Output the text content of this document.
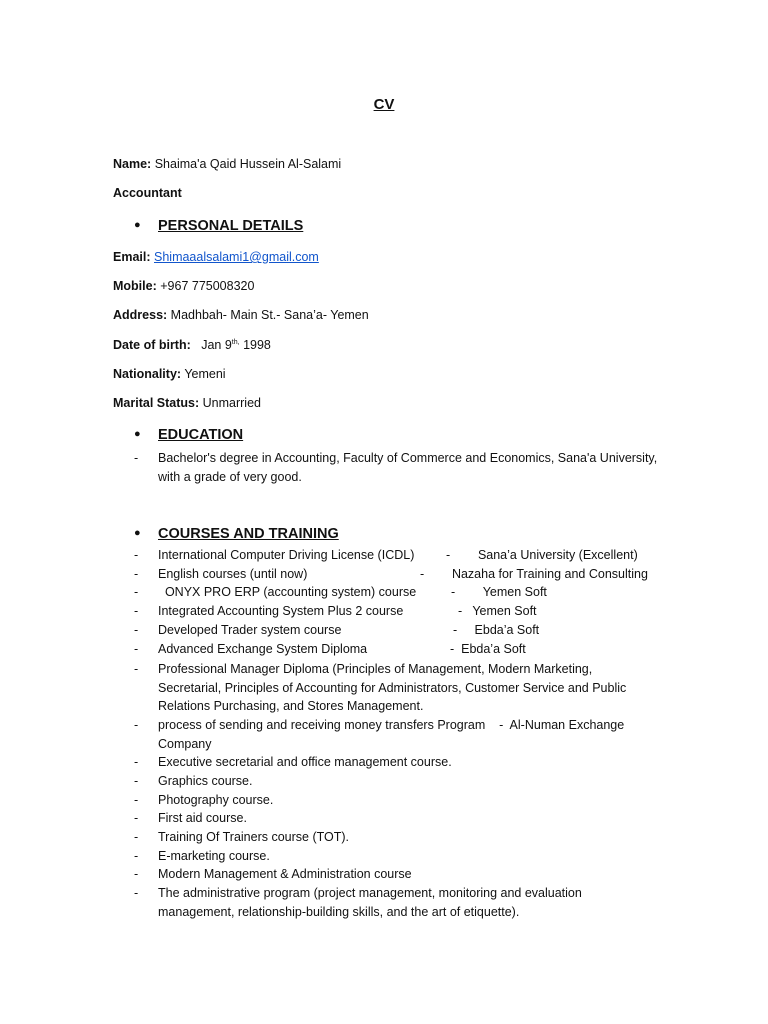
CV
Name: Shaima'a Qaid Hussein Al-Salami
Accountant
● PERSONAL DETAILS
Email: Shimaaalsalami1@gmail.com
Mobile: +967 775008320
Address: Madhbah- Main St.- Sana’a- Yemen
Date of birth: Jan $9^{th,}$ 1998
Nationality: Yemeni
Marital Status: Unmarried
● EDUCATION
- Bachelor's degree in Accounting, Faculty of Commerce and Economics, Sana'a University, with a grade of very good.
● COURSES AND TRAINING
- International Computer Driving License (ICDL)	-        Sana’a University (Excellent)
- English courses (until now)	-        Nazaha for Training and Consulting
- ONYX PRO ERP (accounting system) course	-        Yemen Soft
- Integrated Accounting System Plus 2 course	-   Yemen Soft
- Developed Trader system course	-     Ebda’a Soft
- Advanced Exchange System Diploma	-  Ebda’a Soft
- Professional Manager Diploma (Principles of Management, Modern Marketing, Secretarial, Principles of Accounting for Administrators, Customer Service and Public Relations Purchasing, and Stores Management.
- process of sending and receiving money transfers Program    -  Al-Numan Exchange Company
- Executive secretarial and office management course.
- Graphics course.
- Photography course.
- First aid course.
- Training Of Trainers course (TOT).
- E-marketing course.
- Modern Management & Administration course
- The administrative program (project management, monitoring and evaluation management, relationship-building skills, and the art of etiquette).
